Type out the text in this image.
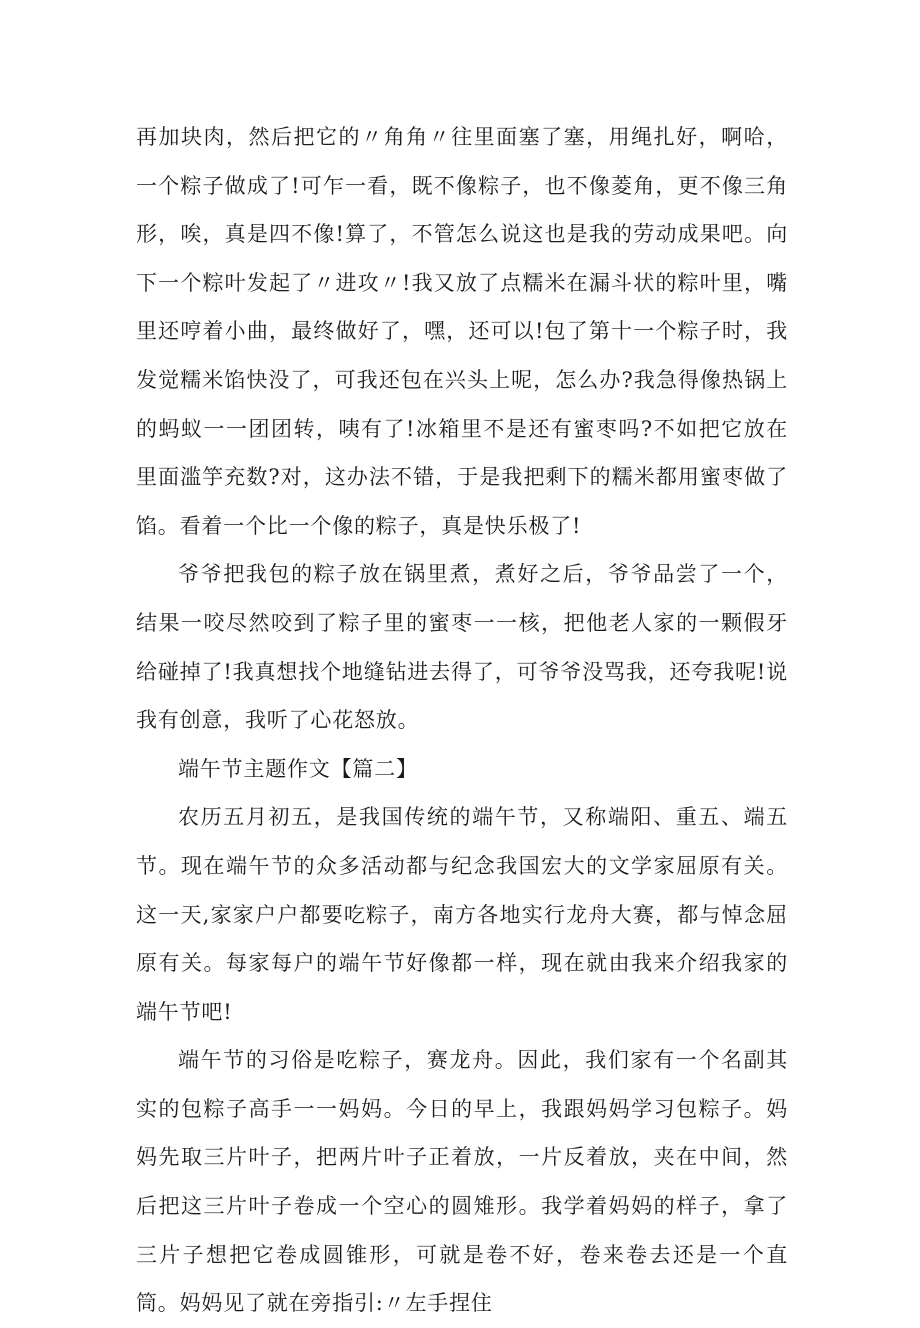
再加块肉，然后把它的〃角角〃往里面塞了塞，用绳扎好，啊哈，一个粽子做成了!可乍一看，既不像粽子，也不像菱角，更不像三角形，唉，真是四不像!算了，不管怎么说这也是我的劳动成果吧。向下一个粽叶发起了〃进攻〃!我又放了点糯米在漏斗状的粽叶里，嘴里还哼着小曲，最终做好了，嘿，还可以!包了第十一个粽子时，我发觉糯米馅快没了，可我还包在兴头上呢，怎么办?我急得像热锅上的蚂蚁一一团团转，咦有了!冰箱里不是还有蜜枣吗?不如把它放在里面滥竽充数?对，这办法不错，于是我把剩下的糯米都用蜜枣做了馅。看着一个比一个像的粽子，真是快乐极了!

爷爷把我包的粽子放在锅里煮，煮好之后，爷爷品尝了一个，结果一咬尽然咬到了粽子里的蜜枣一一核，把他老人家的一颗假牙给碰掉了!我真想找个地缝钻进去得了，可爷爷没骂我，还夸我呢!说我有创意，我听了心花怒放。

端午节主题作文【篇二】

农历五月初五，是我国传统的端午节，又称端阳、重五、端五节。现在端午节的众多活动都与纪念我国宏大的文学家屈原有关。这一天,家家户户都要吃粽子，南方各地实行龙舟大赛，都与悼念屈原有关。每家每户的端午节好像都一样，现在就由我来介绍我家的端午节吧!

端午节的习俗是吃粽子，赛龙舟。因此，我们家有一个名副其实的包粽子高手一一妈妈。今日的早上，我跟妈妈学习包粽子。妈妈先取三片叶子，把两片叶子正着放，一片反着放，夹在中间，然后把这三片叶子卷成一个空心的圆雉形。我学着妈妈的样子，拿了三片子想把它卷成圆锥形，可就是卷不好，卷来卷去还是一个直筒。妈妈见了就在旁指引:〃左手捏住
